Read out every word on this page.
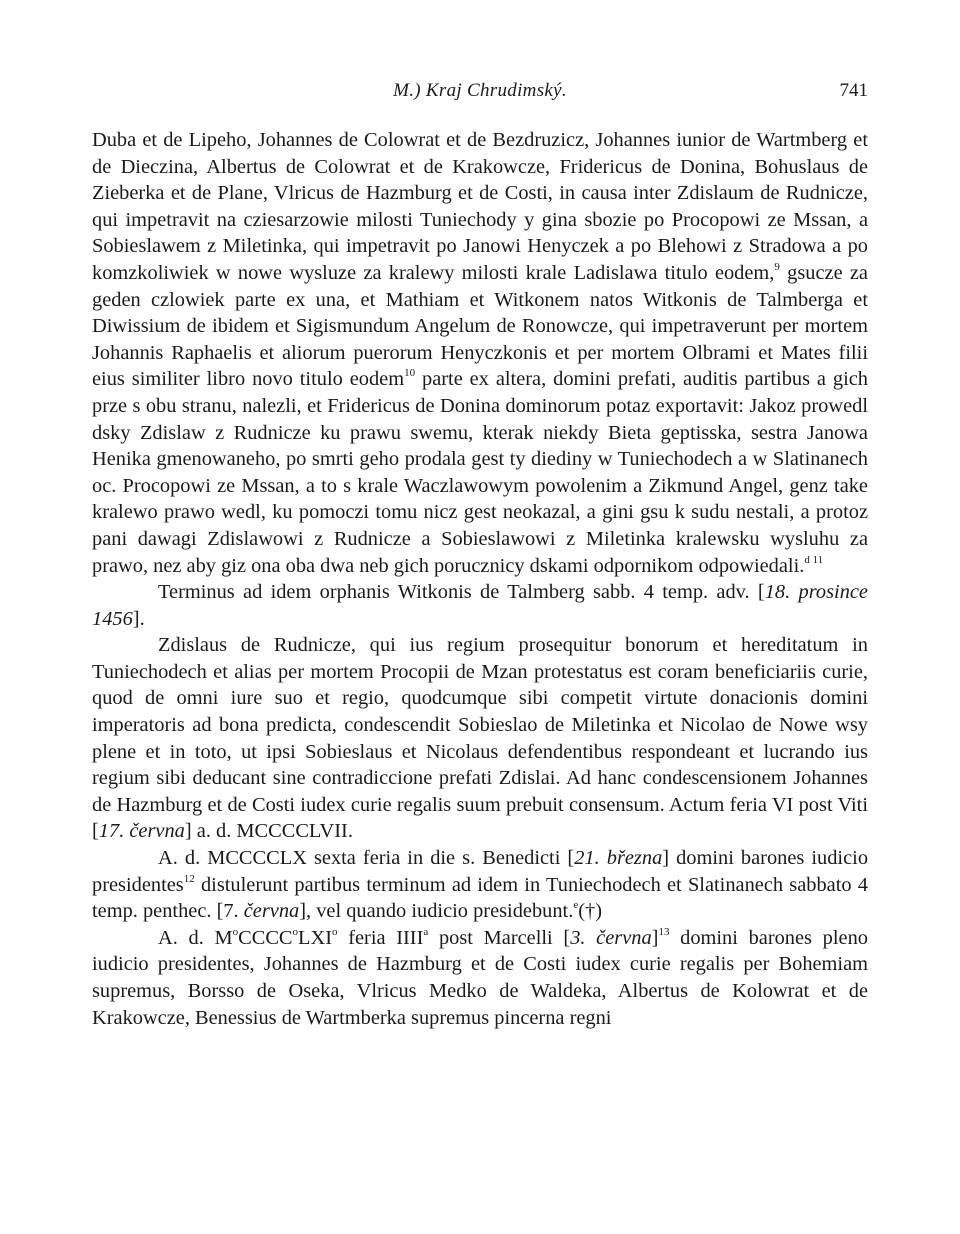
M.) Kraj Chrudimský.	741

Duba et de Lipeho, Johannes de Colowrat et de Bezdruzicz, Johannes iunior de Wartmberg et de Dieczina, Albertus de Colowrat et de Krakowcze, Fridericus de Donina, Bohuslaus de Zieberka et de Plane, Vlricus de Hazmburg et de Costi, in causa inter Zdislaum de Rudnicze, qui impetravit na cziesarzowie milosti Tuniechody y gina sbozie po Procopowi ze Mssan, a Sobieslawem z Miletinka, qui impetravit po Janowi Henyczek a po Blehowi z Stradowa a po komzkoliwiek w nowe wysluze za kralewy milosti krale Ladislawa titulo eodem,$^9$ gsucze za geden czlowiek parte ex una, et Mathiam et Witkonem natos Witkonis de Talmberga et Diwissium de ibidem et Sigismundum Angelum de Ronowcze, qui impetraverunt per mortem Johannis Raphaelis et aliorum puerorum Henyczkonis et per mortem Olbrami et Mates filii eius similiter libro novo titulo eodem$^{10}$ parte ex altera, domini prefati, auditis partibus a gich prze s obu stranu, nalezli, et Fridericus de Donina dominorum potaz exportavit: Jakoz prowedl dsky Zdislaw z Rudnicze ku prawu swemu, kterak niekdy Bieta geptisska, sestra Janowa Henika gmenowaneho, po smrti geho prodala gest ty diediny w Tuniechodech a w Slatinanech oc. Procopowi ze Mssan, a to s krale Waczlawowym powolenim a Zikmund Angel, genz take kralewo prawo wedl, ku pomoczi tomu nicz gest neokazal, a gini gsu k sudu nestali, a protoz pani dawagi Zdislawowi z Rudnicze a Sobieslawowi z Miletinka kralewsku wysluhu za prawo, nez aby giz ona oba dwa neb gich porucznicy dskami odpornikom odpowiedali.$^{d 11}$

Terminus ad idem orphanis Witkonis de Talmberg sabb. 4 temp. adv. [18. prosince 1456].

Zdislaus de Rudnicze, qui ius regium prosequitur bonorum et hereditatum in Tuniechodech et alias per mortem Procopii de Mzan protestatus est coram beneficiariis curie, quod de omni iure suo et regio, quodcumque sibi competit virtute donacionis domini imperatoris ad bona predicta, condescendit Sobieslao de Miletinka et Nicolao de Nowe wsy plene et in toto, ut ipsi Sobieslaus et Nicolaus defendentibus respondeant et lucrando ius regium sibi deducant sine contradiccione prefati Zdislai. Ad hanc condescensionem Johannes de Hazmburg et de Costi iudex curie regalis suum prebuit consensum. Actum feria VI post Viti [17. června] a. d. MCCCCLVII.

A. d. MCCCCLX sexta feria in die s. Benedicti [21. března] domini barones iudicio presidentes$^{12}$ distulerunt partibus terminum ad idem in Tuniechodech et Slatinanech sabbato 4 temp. penthec. [7. června], vel quando iudicio presidebunt.$^e$(†)

A. d. $M^oCCCC^oLXI^o$ feria IIII$^a$ post Marcelli [3. června]$^{13}$ domini barones pleno iudicio presidentes, Johannes de Hazmburg et de Costi iudex curie regalis per Bohemiam supremus, Borsso de Oseka, Vlricus Medko de Waldeka, Albertus de Kolowrat et de Krakowcze, Benessius de Wartmberka supremus pincerna regni
